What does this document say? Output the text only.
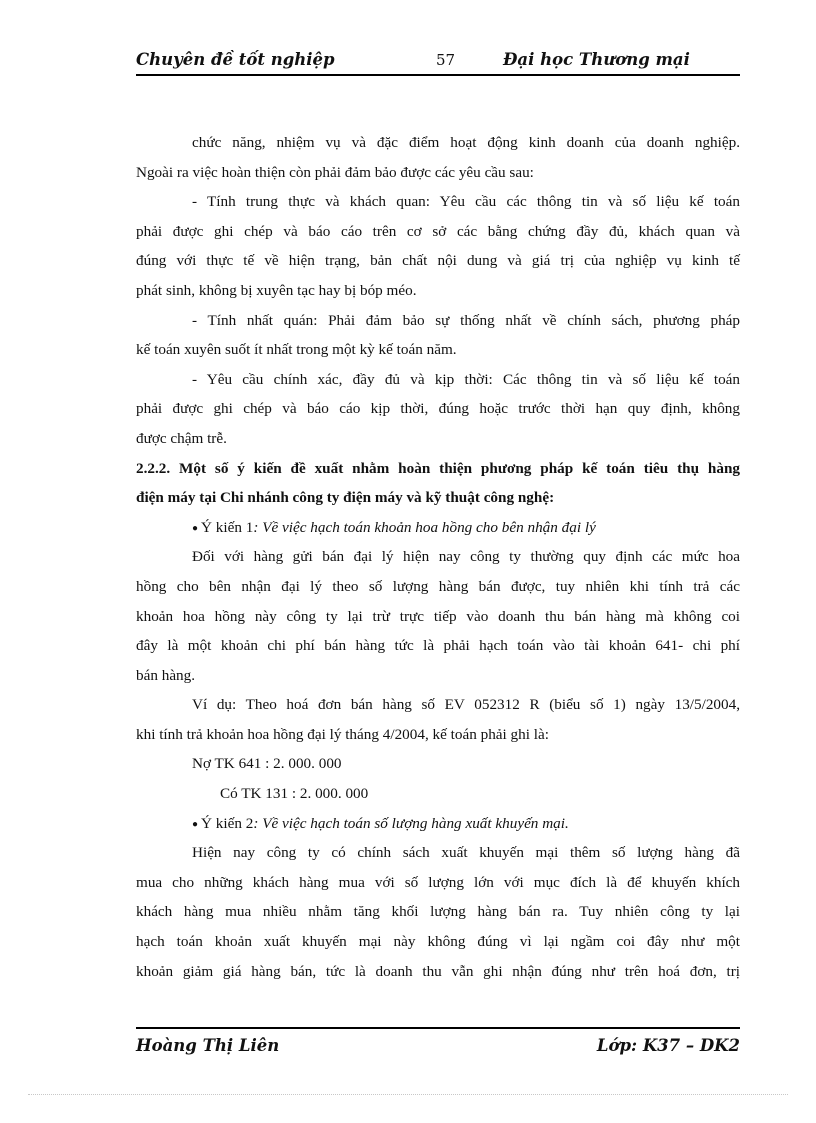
Chuyên đề tốt nghiệp	57	Đại học Thương mại
chức năng, nhiệm vụ và đặc điểm hoạt động kinh doanh của doanh nghiệp.
Ngoài ra việc hoàn thiện còn phải đảm bảo được các yêu cầu sau:
- Tính trung thực và khách quan: Yêu cầu các thông tin và số liệu kế toán
phải được ghi chép và báo cáo trên cơ sở các bằng chứng đầy đủ, khách quan và
đúng với thực tế về hiện trạng, bản chất nội dung và giá trị của nghiệp vụ kinh tế
phát sinh, không bị xuyên tạc hay bị bóp méo.
- Tính nhất quán: Phải đảm bảo sự thống nhất về chính sách, phương pháp
kế toán xuyên suốt ít nhất trong một kỳ kế toán năm.
- Yêu cầu chính xác, đầy đủ và kịp thời: Các thông tin và số liệu kế toán
phải được ghi chép và báo cáo kịp thời, đúng hoặc trước thời hạn quy định, không
được chậm trễ.
2.2.2. Một số ý kiến đề xuất nhằm hoàn thiện phương pháp kế toán tiêu thụ hàng
điện máy tại Chi nhánh công ty điện máy và kỹ thuật công nghệ:
● Ý kiến 1: Về việc hạch toán khoản hoa hồng cho bên nhận đại lý
Đối với hàng gửi bán đại lý hiện nay công ty thường quy định các mức hoa
hồng cho bên nhận đại lý theo số lượng hàng bán được, tuy nhiên khi tính trả các
khoản hoa hồng này công ty lại trừ trực tiếp vào doanh thu bán hàng mà không coi
đây là một khoản chi phí bán hàng tức là phải hạch toán vào tài khoản 641- chi phí
bán hàng.
Ví dụ: Theo hoá đơn bán hàng số EV 052312 R (biểu số 1) ngày 13/5/2004,
khi tính trả khoản hoa hồng đại lý tháng 4/2004, kế toán phải ghi là:
Nợ TK 641 : 2. 000. 000
Có TK 131 : 2. 000. 000
● Ý kiến 2: Về việc hạch toán số lượng hàng xuất khuyến mại.
Hiện nay công ty có chính sách xuất khuyến mại thêm số lượng hàng đã
mua cho những khách hàng mua với số lượng lớn với mục đích là để khuyến khích
khách hàng mua nhiều nhằm tăng khối lượng hàng bán ra. Tuy nhiên công ty lại
hạch toán khoản xuất khuyến mại này không đúng vì lại ngầm coi đây như một
khoản giảm giá hàng bán, tức là doanh thu vẫn ghi nhận đúng như trên hoá đơn, trị
Hoàng Thị Liên	Lớp: K37 – DK2
